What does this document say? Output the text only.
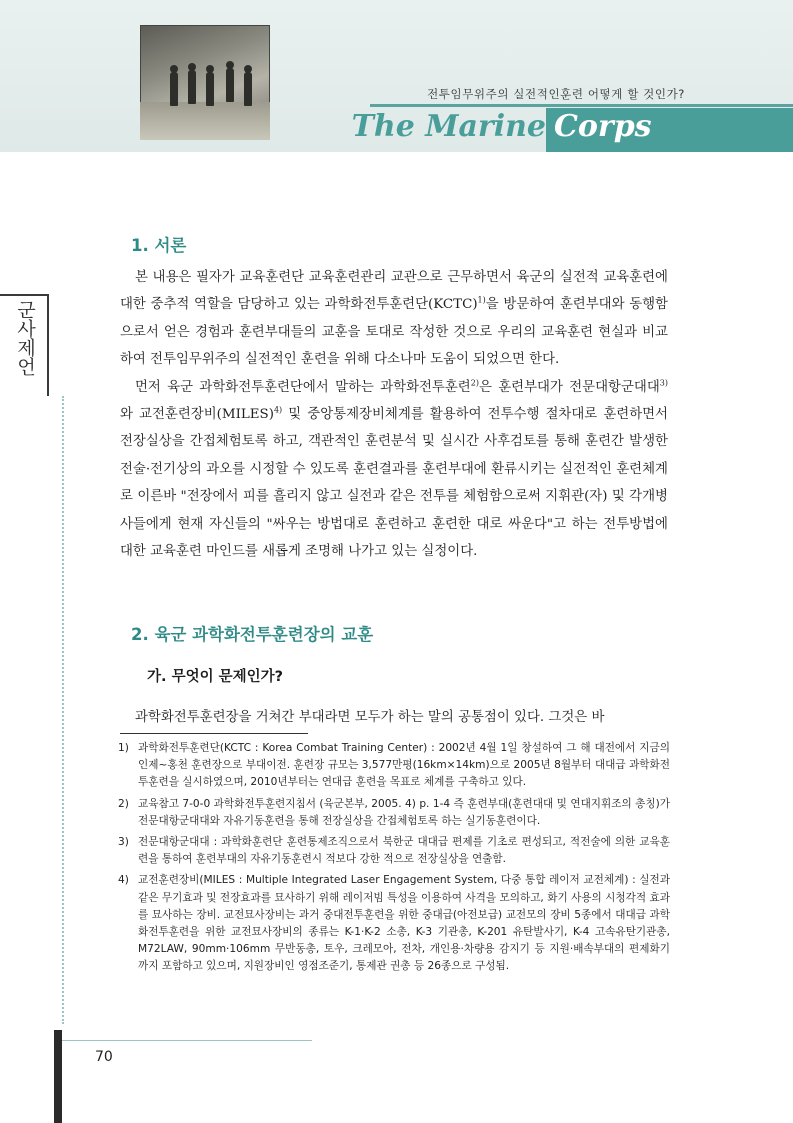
전투임무위주의 실전적인훈련 어떻게 할 것인가?
The Marine Corps
군사제언
70
1. 서론

본 내용은 필자가 교육훈련단 교육훈련관리 교관으로 근무하면서 육군의 실전적 교육훈련에 대한 중추적 역할을 담당하고 있는 과학화전투훈련단(KCTC)$^{1)}$을 방문하여 훈련부대와 동행함으로서 얻은 경험과 훈련부대들의 교훈을 토대로 작성한 것으로 우리의 교육훈련 현실과 비교하여 전투임무위주의 실전적인 훈련을 위해 다소나마 도움이 되었으면 한다.

먼저 육군 과학화전투훈련단에서 말하는 과학화전투훈련$^{2)}$은 훈련부대가 전문대항군대대$^{3)}$와 교전훈련장비(MILES)$^{4)}$ 및 중앙통제장비체계를 활용하여 전투수행 절차대로 훈련하면서 전장실상을 간접체험토록 하고, 객관적인 훈련분석 및 실시간 사후검토를 통해 훈련간 발생한 전술·전기상의 과오를 시정할 수 있도록 훈련결과를 훈련부대에 환류시키는 실전적인 훈련체계로 이른바 "전장에서 피를 흘리지 않고 실전과 같은 전투를 체험함으로써 지휘관(자) 및 각개병사들에게 현재 자신들의 "싸우는 방법대로 훈련하고 훈련한 대로 싸운다"고 하는 전투방법에 대한 교육훈련 마인드를 새롭게 조명해 나가고 있는 실정이다.

2. 육군 과학화전투훈련장의 교훈
가. 무엇이 문제인가?
과학화전투훈련장을 거쳐간 부대라면 모두가 하는 말의 공통점이 있다. 그것은 바
1) 과학화전투훈련단(KCTC : Korea Combat Training Center) : 2002년 4월 1일 창설하여 그 해 대전에서 지금의 인제~홍천 훈련장으로 부대이전. 훈련장 규모는 3,577만평(16km×14km)으로 2005년 8월부터 대대급 과학화전투훈련을 실시하였으며, 2010년부터는 연대급 훈련을 목표로 체계를 구축하고 있다.
2) 교육참고 7-0-0 과학화전투훈련지침서 (육군본부, 2005. 4) p. 1-4 즉 훈련부대(훈련대대 및 연대지휘조의 총칭)가 전문대항군대대와 자유기동훈련을 통해 전장실상을 간접체험토록 하는 실기동훈련이다.
3) 전문대항군대대 : 과학화훈련단 훈련통제조직으로서 북한군 대대급 편제를 기초로 편성되고, 적전술에 의한 교육훈련을 통하여 훈련부대의 자유기동훈련시 적보다 강한 적으로 전장실상을 연출함.
4) 교전훈련장비(MILES : Multiple Integrated Laser Engagement System, 다중 통합 레이저 교전체계) : 실전과 같은 무기효과 및 전장효과를 묘사하기 위해 레이저빔 특성을 이용하여 사격을 모의하고, 화기 사용의 시청각적 효과를 묘사하는 장비. 교전묘사장비는 과거 중대전투훈련을 위한 중대급(아전보급) 교전모의 장비 5종에서 대대급 과학화전투훈련을 위한 교전묘사장비의 종류는 K-1·K-2 소총, K-3 기관총, K-201 유탄발사기, K-4 고속유탄기관총, M72LAW, 90mm·106mm 무반동총, 토우, 크레모아, 전차, 개인용·차량용 감지기 등 지원·배속부대의 편제화기 까지 포함하고 있으며, 지원장비인 영점조준기, 통제관 권총 등 26종으로 구성됨.
